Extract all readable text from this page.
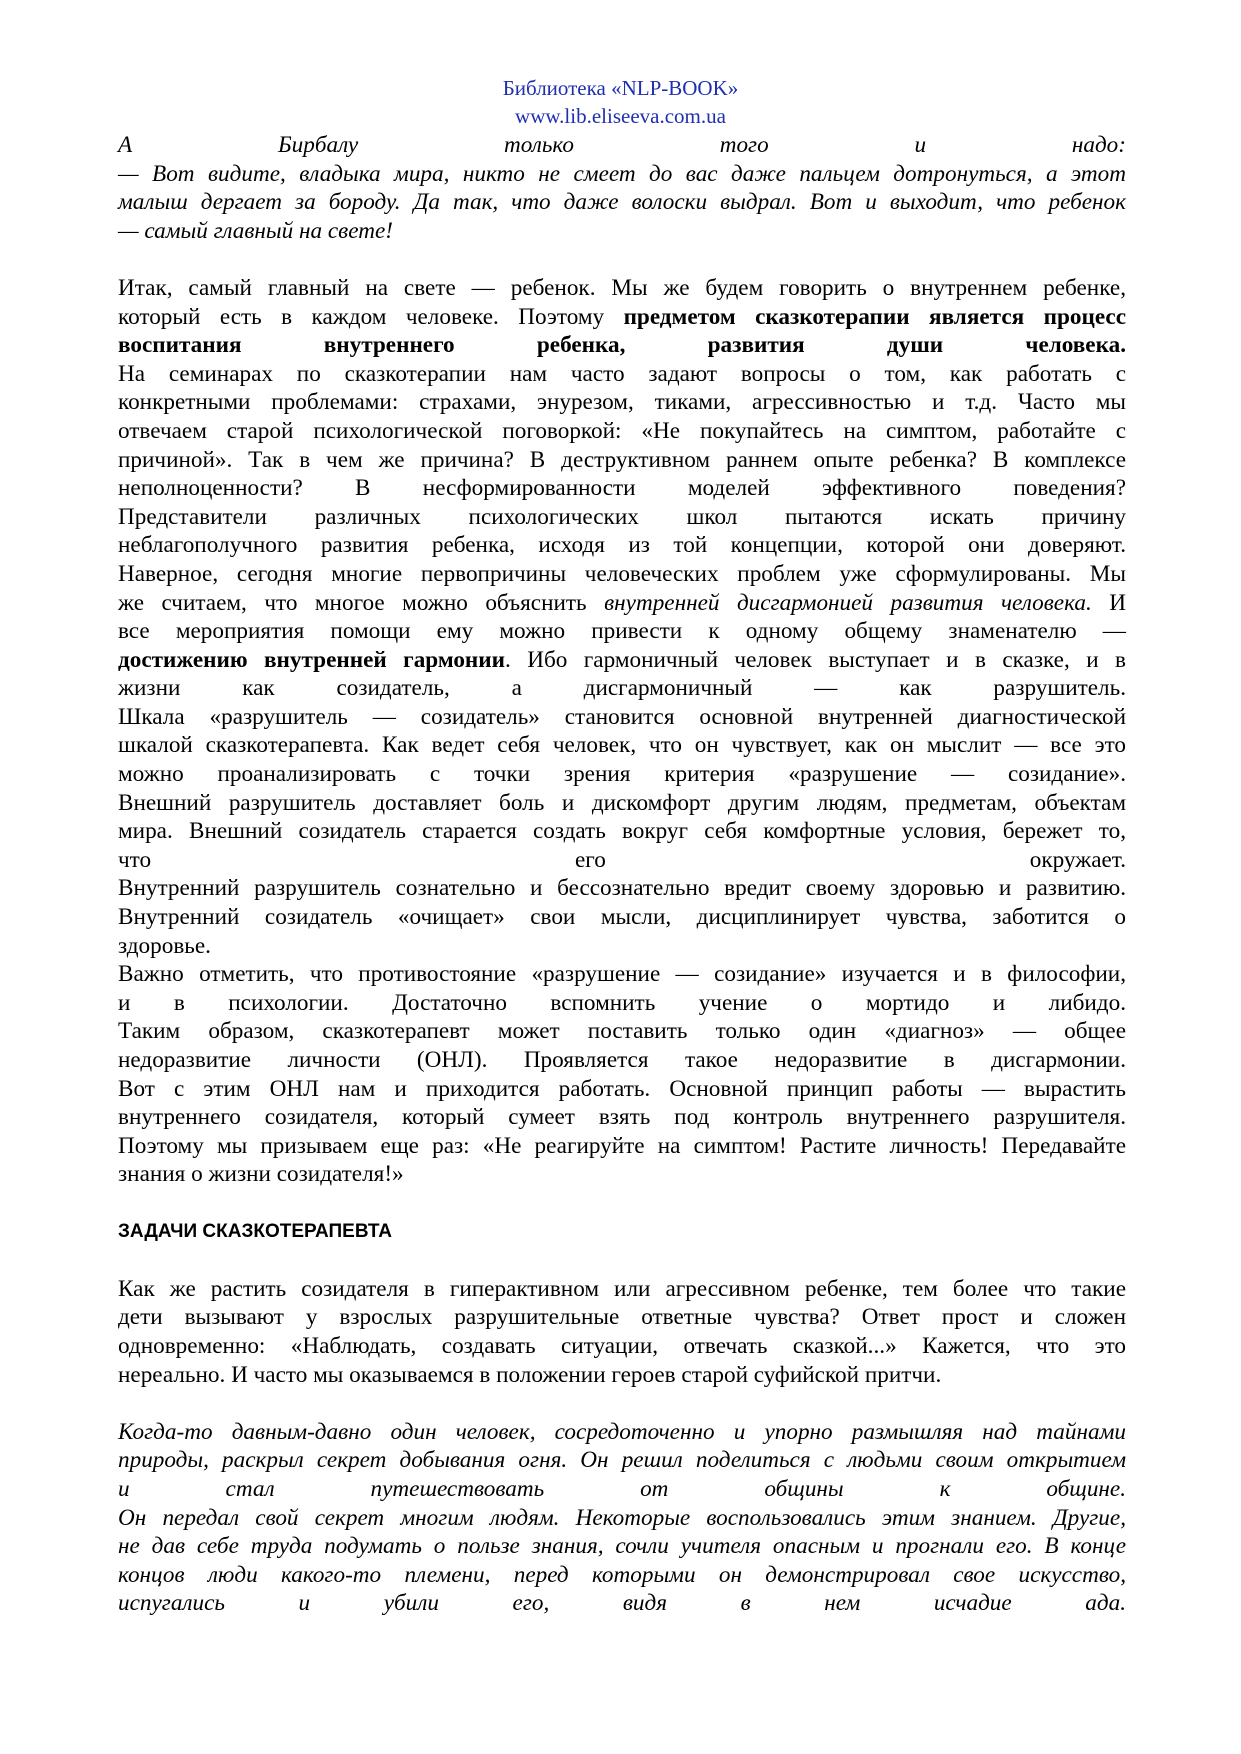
Библиотека «NLP-BOOK»
www.lib.eliseeva.com.ua
А Бирбалу только того и надо:
— Вот видите, владыка мира, никто не смеет до вас даже пальцем дотронуться, а этот
малыш дергает за бороду. Да так, что даже волоски выдрал. Вот и выходит, что ребенок
— самый главный на свете!
Итак, самый главный на свете — ребенок. Мы же будем говорить о внутреннем ребенке,
который есть в каждом человеке. Поэтому предметом сказкотерапии является процесс
воспитания внутреннего ребенка, развития души человека.
На семинарах по сказкотерапии нам часто задают вопросы о том, как работать с
конкретными проблемами: страхами, энурезом, тиками, агрессивностью и т.д. Часто мы
отвечаем старой психологической поговоркой: «Не покупайтесь на симптом, работайте с
причиной». Так в чем же причина? В деструктивном раннем опыте ребенка? В комплексе
неполноценности? В несформированности моделей эффективного поведения?
Представители различных психологических школ пытаются искать причину
неблагополучного развития ребенка, исходя из той концепции, которой они доверяют.
Наверное, сегодня многие первопричины человеческих проблем уже сформулированы. Мы
же считаем, что многое можно объяснить внутренней дисгармонией развития человека. И
все мероприятия помощи ему можно привести к одному общему знаменателю —
достижению внутренней гармонии. Ибо гармоничный человек выступает и в сказке, и в
жизни как созидатель, а дисгармоничный — как разрушитель.
Шкала «разрушитель — созидатель» становится основной внутренней диагностической
шкалой сказкотерапевта. Как ведет себя человек, что он чувствует, как он мыслит — все это
можно проанализировать с точки зрения критерия «разрушение — созидание».
Внешний разрушитель доставляет боль и дискомфорт другим людям, предметам, объектам
мира. Внешний созидатель старается создать вокруг себя комфортные условия, бережет то,
что его окружает.
Внутренний разрушитель сознательно и бессознательно вредит своему здоровью и развитию.
Внутренний созидатель «очищает» свои мысли, дисциплинирует чувства, заботится о
здоровье.
Важно отметить, что противостояние «разрушение — созидание» изучается и в философии,
и в психологии. Достаточно вспомнить учение о мортидо и либидо.
Таким образом, сказкотерапевт может поставить только один «диагноз» — общее
недоразвитие личности (ОНЛ). Проявляется такое недоразвитие в дисгармонии.
Вот с этим ОНЛ нам и приходится работать. Основной принцип работы — вырастить
внутреннего созидателя, который сумеет взять под контроль внутреннего разрушителя.
Поэтому мы призываем еще раз: «Не реагируйте на симптом! Растите личность! Передавайте
знания о жизни созидателя!»
ЗАДАЧИ СКАЗКОТЕРАПЕВТА
Как же растить созидателя в гиперактивном или агрессивном ребенке, тем более что такие
дети вызывают у взрослых разрушительные ответные чувства? Ответ прост и сложен
одновременно: «Наблюдать, создавать ситуации, отвечать сказкой...» Кажется, что это
нереально. И часто мы оказываемся в положении героев старой суфийской притчи.
Когда-то давным-давно один человек, сосредоточенно и упорно размышляя над тайнами
природы, раскрыл секрет добывания огня. Он решил поделиться с людьми своим открытием
и стал путешествовать от общины к общине.
Он передал свой секрет многим людям. Некоторые воспользовались этим знанием. Другие,
не дав себе труда подумать о пользе знания, сочли учителя опасным и прогнали его. В конце
концов люди какого-то племени, перед которыми он демонстрировал свое искусство,
испугались и убили его, видя в нем исчадие ада.
